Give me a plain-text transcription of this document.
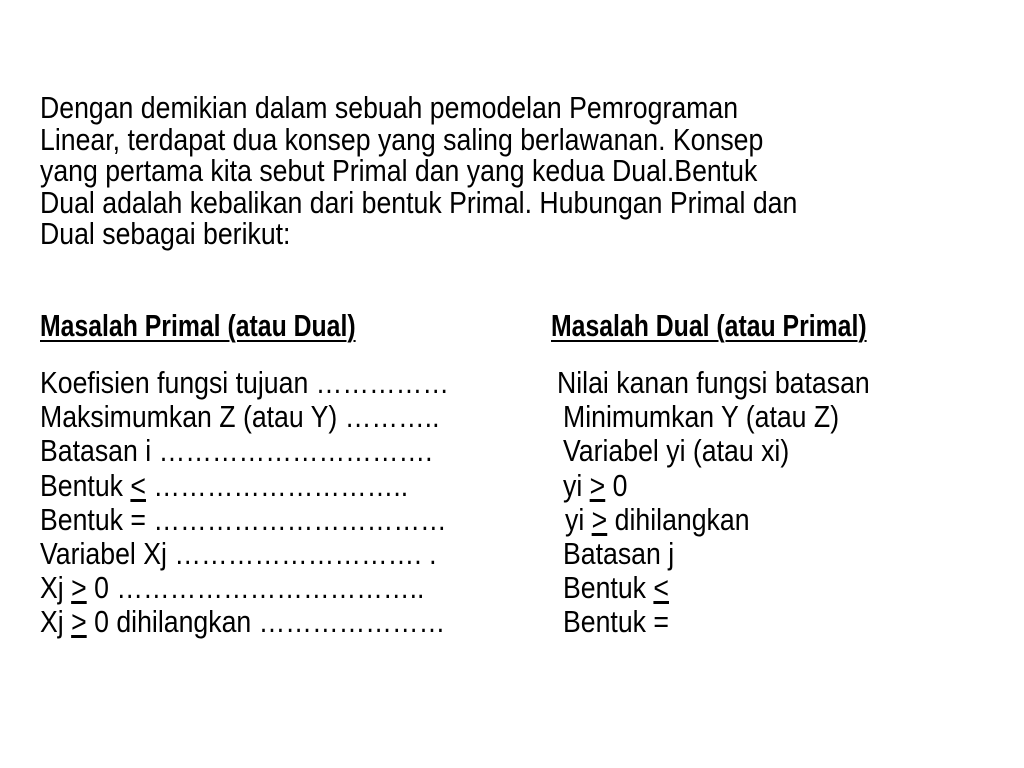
Dengan demikian dalam sebuah pemodelan Pemrograman
Linear, terdapat dua konsep yang saling berlawanan. Konsep
yang pertama kita sebut Primal dan yang kedua Dual.Bentuk
Dual adalah kebalikan dari bentuk Primal. Hubungan Primal dan
Dual sebagai berikut:
Masalah Primal (atau Dual)	Masalah Dual (atau Primal)
Koefisien fungsi tujuan ……………	Nilai kanan fungsi batasan
Maksimumkan Z (atau Y) ………..	Minimumkan Y (atau Z)
Batasan i ………………………….	Variabel yi (atau xi)
Bentuk < ………………………..	yi > 0
Bentuk = ……………………………	yi > dihilangkan
Variabel Xj ………………………. .	Batasan j
Xj > 0 ……………………………..	Bentuk <
Xj > 0 dihilangkan …………………	Bentuk =
